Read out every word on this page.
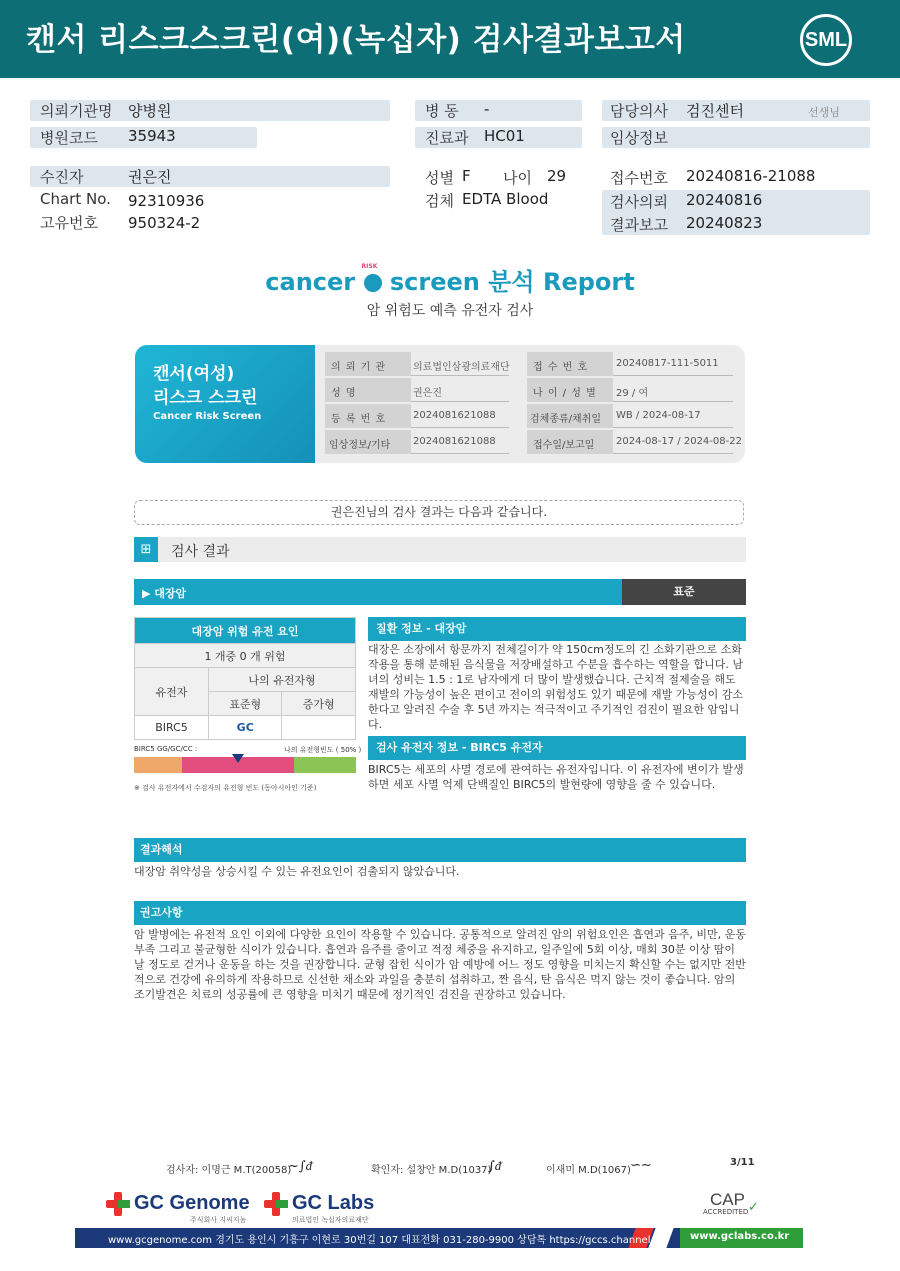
캔서 리스크스크린(여)(녹십자) 검사결과보고서	SML
의뢰기관명 양병원
병원코드 35943
병 동 -
진료과 HC01
담당의사 검진센터	선생님
임상정보
수진자	권은진
Chart No. 92310936
고유번호 950324-2
성별 F 나이 29
검체 EDTA Blood
접수번호 20240816-21088
검사의뢰 20240816
결과보고 20240823
cancer
RISK
screen 분석 Report
암 위험도 예측 유전자 검사
캔서(여성)
리스크 스크린
Cancer Risk Screen
의 뢰 기 관	의료법인삼광의료재단 접 수 번 호	20240817-111-5011
성 명	권은진	나 이 / 성 별 29 / 여
등 록 번 호	2024081621088	검체종류/채취일 WB / 2024-08-17
임상정보/기타 2024081621088	접수일/보고일 2024-08-17 / 2024-08-22
권은진님의 검사 결과는 다음과 같습니다.
⊞	검사 결과
▶ 대장암	표준
대장암 위험 유전 요인		
1 개중 0 개 위험		
유전자	나의 유전자형	
	표준형	증가형
BIRC5	GC	
BIRC5 GG/GC/CC :	나의 유전형빈도 ( 50% )
※ 검사 유전자에서 수검자의 유전형 빈도 (동아시아인 기준)
질환 정보 - 대장암
대장은 소장에서 항문까지 전체길이가 약 150cm정도의 긴 소화기관으로 소화작용을 통해 분해된 음식물을 저장배설하고 수분을 흡수하는 역할을 합니다. 남녀의 성비는 1.5 : 1로 남자에게 더 많이 발생했습니다. 근치적 절제술을 해도 재발의 가능성이 높은 편이고 전이의 위험성도 있기 때문에 재발 가능성이 감소한다고 알려진 수술 후 5년 까지는 적극적이고 주기적인 검진이 필요한 암입니다.
검사 유전자 정보 - BIRC5 유전자
BIRC5는 세포의 사멸 경로에 관여하는 유전자입니다. 이 유전자에 변이가 발생하면 세포 사멸 억제 단백질인 BIRC5의 발현량에 영향을 줄 수 있습니다.
결과해석
대장암 취약성을 상승시킬 수 있는 유전요인이 검출되지 않았습니다.
권고사항
암 발병에는 유전적 요인 이외에 다양한 요인이 작용할 수 있습니다. 공통적으로 알려진 암의 위험요인은 흡연과 음주, 비만, 운동 부족 그리고 불균형한 식이가 있습니다. 흡연과 음주를 줄이고 적정 체중을 유지하고, 일주일에 5회 이상, 매회 30분 이상 땀이 날 정도로 걷거나 운동을 하는 것을 권장합니다. 균형 잡힌 식이가 암 예방에 어느 정도 영향을 미치는지 확신할 수는 없지만 전반적으로 건강에 유의하게 작용하므로 신선한 채소와 과일을 충분히 섭취하고, 짠 음식, 탄 음식은 먹지 않는 것이 좋습니다. 암의 조기발견은 치료의 성공률에 큰 영향을 미치기 때문에 정기적인 검진을 권장하고 있습니다.
검사자: 이명근 M.T(20058)
~∫ᵭ	확인자: 설창안 M.D(1037)
∫ᵭ	이새미 M.D(1067) ∽∼	3/11
GC Genome
주식회사 지씨지놈
GC Labs
의료법인 녹십자의료재단
CAP
ACCREDITED ✓
www.gcgenome.com 경기도 용인시 기흥구 이현로 30번길 107 대표전화 031-280-9900 상담톡 https://gccs.channel.io/ www.gclabs.co.kr
